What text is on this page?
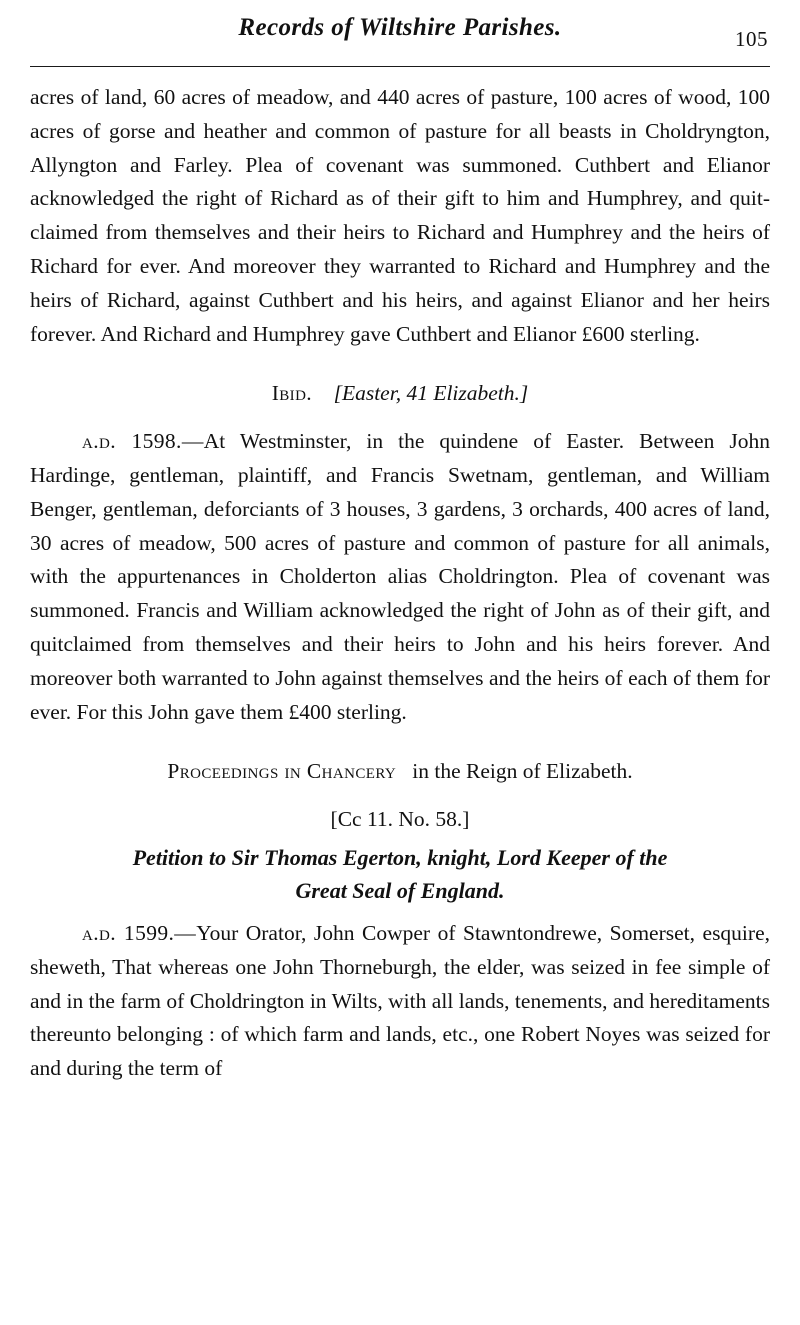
Records of Wiltshire Parishes.	105

acres of land, 60 acres of meadow, and 440 acres of pasture, 100 acres of wood, 100 acres of gorse and heather and common of pasture for all beasts in Choldryngton, Allyngton and Farley. Plea of covenant was summoned. Cuthbert and Elianor acknowledged the right of Richard as of their gift to him and Humphrey, and quit-claimed from themselves and their heirs to Richard and Humphrey and the heirs of Richard for ever. And moreover they warranted to Richard and Humphrey and the heirs of Richard, against Cuthbert and his heirs, and against Elianor and her heirs forever. And Richard and Humphrey gave Cuthbert and Elianor £600 sterling.

Ibid. [Easter, 41 Elizabeth.]

a.d. 1598.—At Westminster, in the quindene of Easter. Between John Hardinge, gentleman, plaintiff, and Francis Swetnam, gentleman, and William Benger, gentleman, deforciants of 3 houses, 3 gardens, 3 orchards, 400 acres of land, 30 acres of meadow, 500 acres of pasture and common of pasture for all animals, with the appurtenances in Cholderton alias Choldrington. Plea of covenant was summoned. Francis and William acknowledged the right of John as of their gift, and quitclaimed from themselves and their heirs to John and his heirs forever. And moreover both warranted to John against themselves and the heirs of each of them for ever. For this John gave them £400 sterling.

Proceedings in Chancery in the Reign of Elizabeth.
[Cc 11. No. 58.]
Petition to Sir Thomas Egerton, knight, Lord Keeper of the
Great Seal of England.

a.d. 1599.—Your Orator, John Cowper of Stawntondrewe, Somerset, esquire, sheweth, That whereas one John Thorneburgh, the elder, was seized in fee simple of and in the farm of Choldrington in Wilts, with all lands, tenements, and hereditaments thereunto belonging : of which farm and lands, etc., one Robert Noyes was seized for and during the term of
